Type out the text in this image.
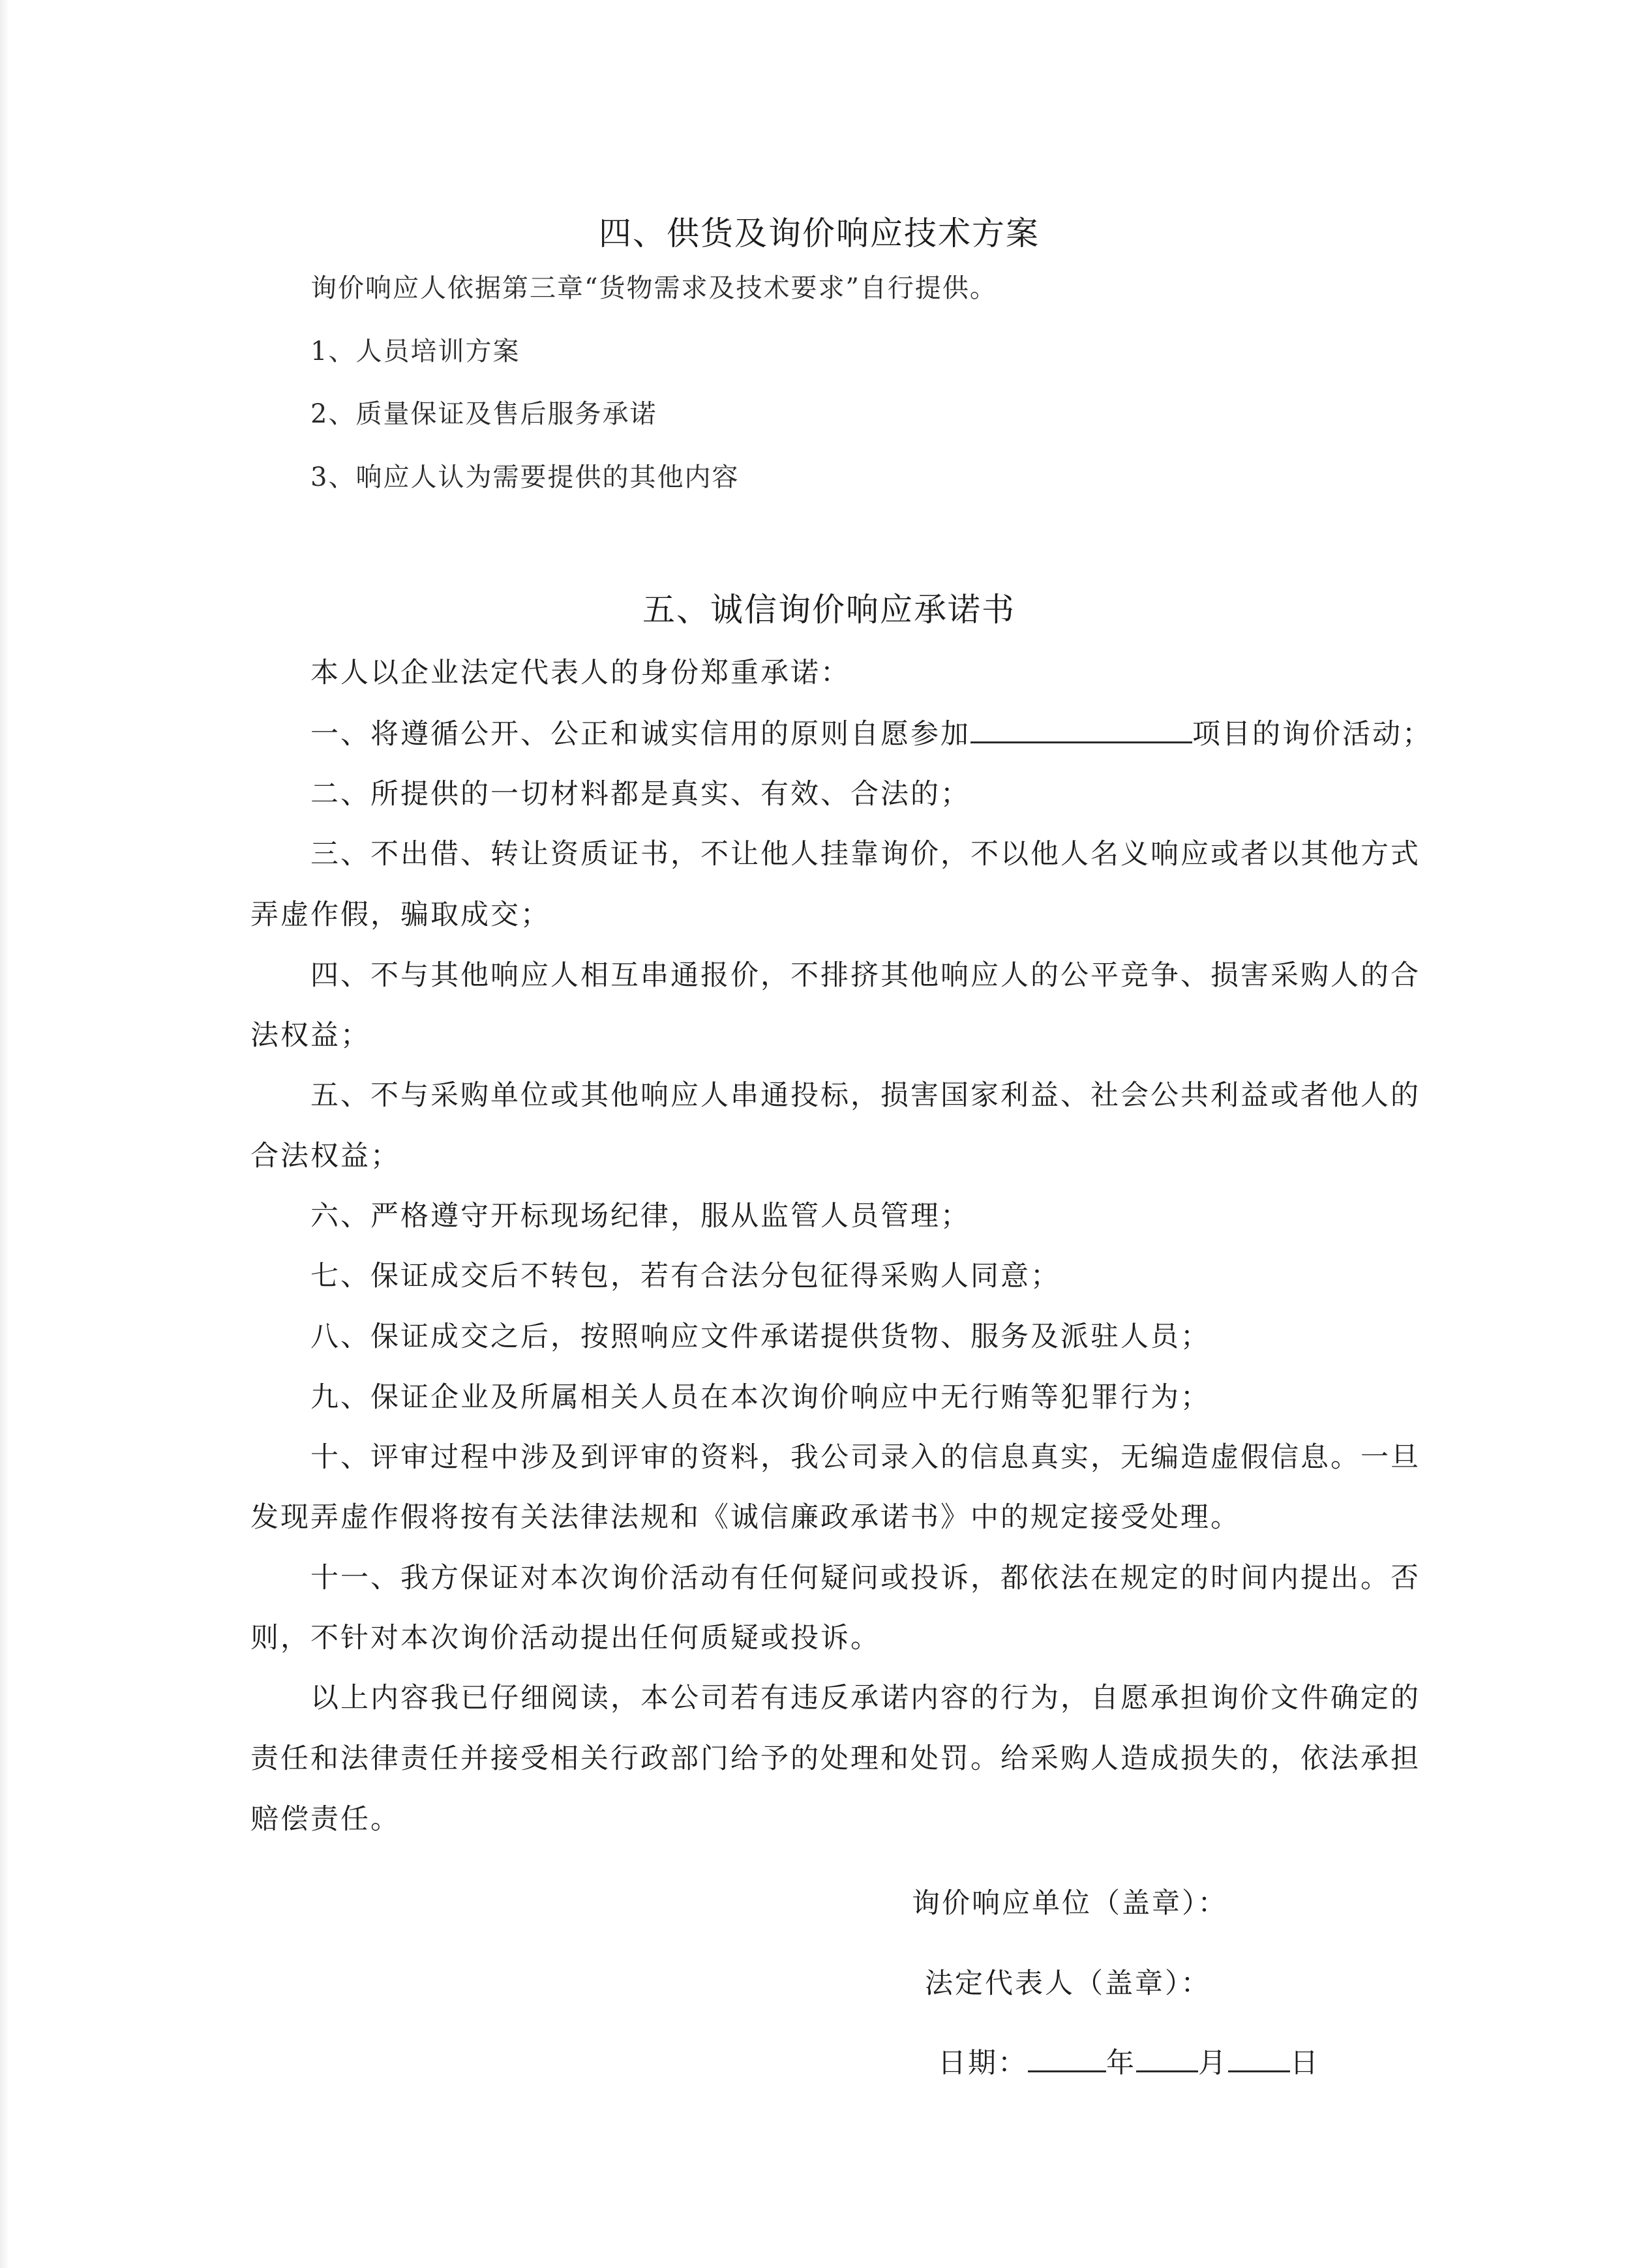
四、供货及询价响应技术方案
询价响应人依据第三章“货物需求及技术要求”自行提供。
1、人员培训方案
2、质量保证及售后服务承诺
3、响应人认为需要提供的其他内容
五、诚信询价响应承诺书
本人以企业法定代表人的身份郑重承诺：
一、将遵循公开、公正和诚实信用的原则自愿参加	项目的询价活动；
二、所提供的一切材料都是真实、有效、合法的；
三、不出借、转让资质证书，不让他人挂靠询价，不以他人名义响应或者以其他方式
弄虚作假，骗取成交；
四、不与其他响应人相互串通报价，不排挤其他响应人的公平竞争、损害采购人的合
法权益；
五、不与采购单位或其他响应人串通投标，损害国家利益、社会公共利益或者他人的
合法权益；
六、严格遵守开标现场纪律，服从监管人员管理；
七、保证成交后不转包，若有合法分包征得采购人同意；
八、保证成交之后，按照响应文件承诺提供货物、服务及派驻人员；
九、保证企业及所属相关人员在本次询价响应中无行贿等犯罪行为；
十、评审过程中涉及到评审的资料，我公司录入的信息真实，无编造虚假信息。一旦
发现弄虚作假将按有关法律法规和《诚信廉政承诺书》中的规定接受处理。
十一、我方保证对本次询价活动有任何疑问或投诉，都依法在规定的时间内提出。否
则，不针对本次询价活动提出任何质疑或投诉。
以上内容我已仔细阅读，本公司若有违反承诺内容的行为，自愿承担询价文件确定的
责任和法律责任并接受相关行政部门给予的处理和处罚。给采购人造成损失的，依法承担
赔偿责任。
询价响应单位（盖章）：
法定代表人（盖章）：
日期：	年 月 日
